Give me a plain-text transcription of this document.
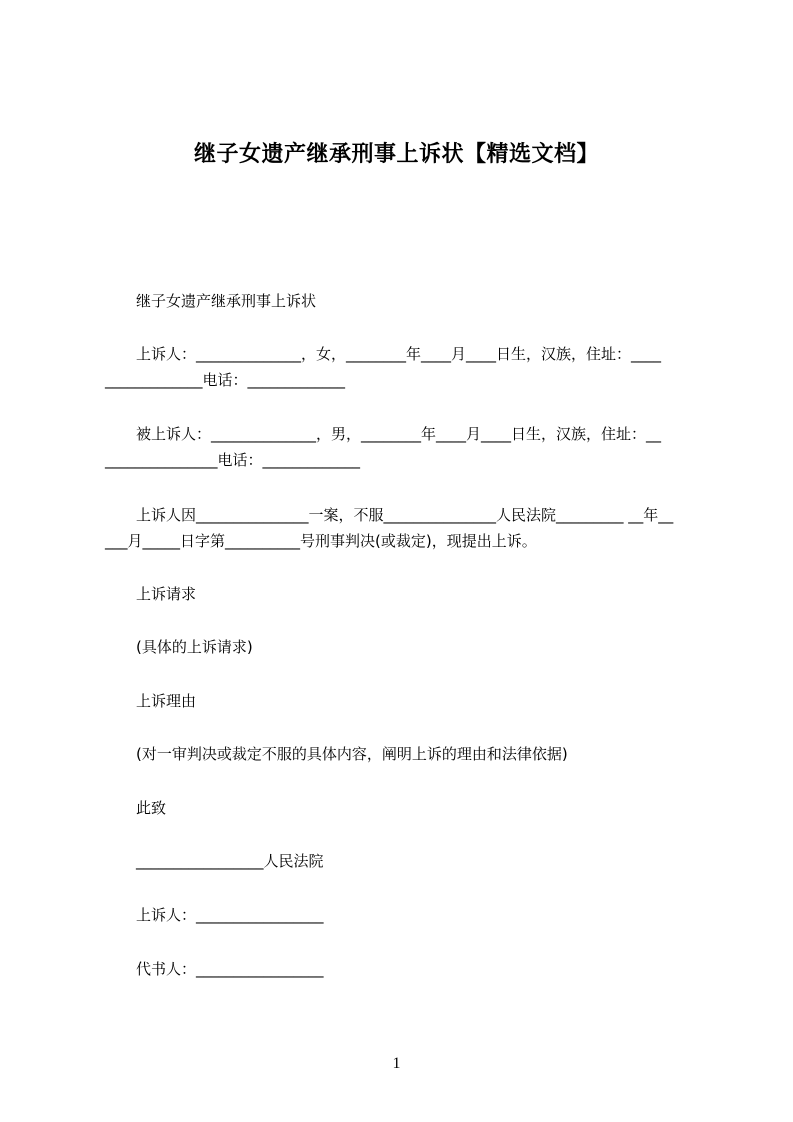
继子女遗产继承刑事上诉状【精选文档】
继子女遗产继承刑事上诉状
上诉人：______________，女，________年____月____日生，汉族，住址：____
_____________电话：_____________
被上诉人：______________，男，________年____月____日生，汉族，住址：__
_______________电话：_____________
上诉人因_______________一案，不服_______________人民法院_________ __年__
___月_____日字第__________号刑事判决(或裁定)，现提出上诉。
上诉请求
(具体的上诉请求)
上诉理由
(对一审判决或裁定不服的具体内容，阐明上诉的理由和法律依据)
此致
_________________人民法院
上诉人：_________________
代书人：_________________
1
